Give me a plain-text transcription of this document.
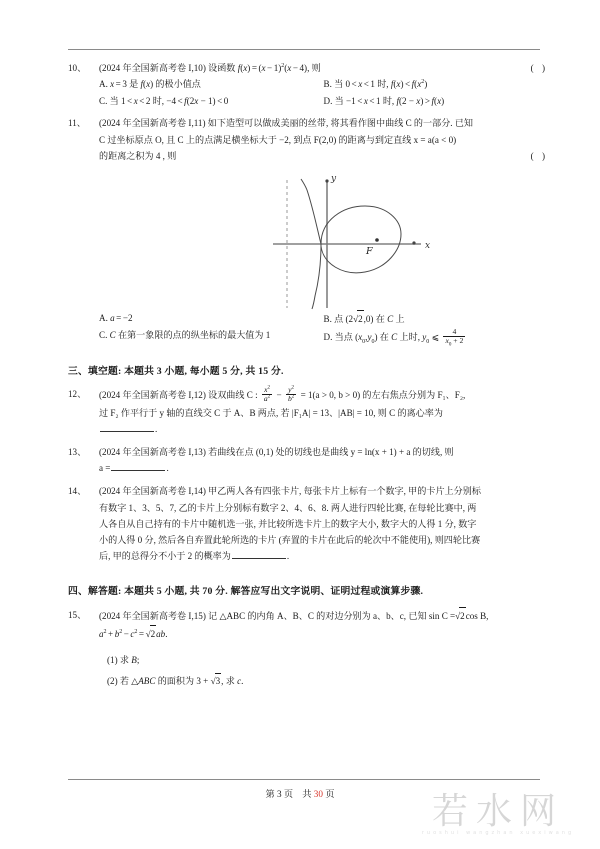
10、	(2024 年全国新高考卷 I,10) 设函数 $f(x) = (x - 1)^2(x - 4)$, 则	( )
A. x = 3 是 f(x) 的极小值点
C. 当 1 < x < 2 时, −4 < f(2x − 1) < 0
B. 当 0 < x < 1 时, $f(x) < f(x^2)$
D. 当 −1 < x < 1 时, f(2 − x) > f(x)
11、	(2024 年全国新高考卷 I,11) 如下造型可以做成美丽的丝带, 将其看作图中曲线 C 的一部分. 已知
C 过坐标原点 O, 且 C 上的点满足横坐标大于 −2, 到点 F(2,0) 的距离与到定直线 x = a(a < 0)
的距离之积为 4 , 则	( )
x
y
F
A. a = −2
C. C 在第一象限的点的纵坐标的最大值为 1
B. 点 (2√2,0) 在 C 上
D. 当点 $(x_0,y_0)$ 在 C 上时, $y_0$ ⩽ $\frac{4}{x_0 + 2}$
三、填空题: 本题共 3 小题, 每小题 5 分, 共 15 分.
12、	(2024 年全国新高考卷 I,12) 设双曲线 C : $\frac{x^2}{a^2} - \frac{y^2}{b^2} = 1(a > 0$, b > 0) 的左右焦点分别为 F₁、F₂,
过 F₂ 作平行于 y 轴的直线交 C 于 A、B 两点, 若 |F₁A| = 13、|AB| = 10, 则 C 的离心率为
.
13、	(2024 年全国新高考卷 I,13) 若曲线在点 (0,1) 处的切线也是曲线 y = ln(x + 1) + a 的切线, 则
a =	.
14、	(2024 年全国新高考卷 I,14) 甲乙两人各有四张卡片, 每张卡片上标有一个数字, 甲的卡片上分别标
有数字 1、3、5、7, 乙的卡片上分别标有数字 2、4、6、8. 两人进行四轮比赛, 在每轮比赛中, 两
人各自从自己持有的卡片中随机选一张, 并比较所选卡片上的数字大小, 数字大的人得 1 分, 数字
小的人得 0 分, 然后各自弃置此轮所选的卡片 (弃置的卡片在此后的轮次中不能使用), 则四轮比赛
后, 甲的总得分不小于 2 的概率为	.
四、解答题: 本题共 5 小题, 共 70 分. 解答应写出文字说明、证明过程或演算步骤.
15、	(2024 年全国新高考卷 I,15) 记 △ABC 的内角 A、B、C 的对边分别为 a、b、c, 已知 sin C =√2cos B,
$a^2 + b^2 - c^2 = √2ab$.
(1) 求 B;
(2) 若 △ABC 的面积为 3 + √3, 求 c.
第 3 页 共 30 页	若水网
ruoshui wangzhan xuexiwang
